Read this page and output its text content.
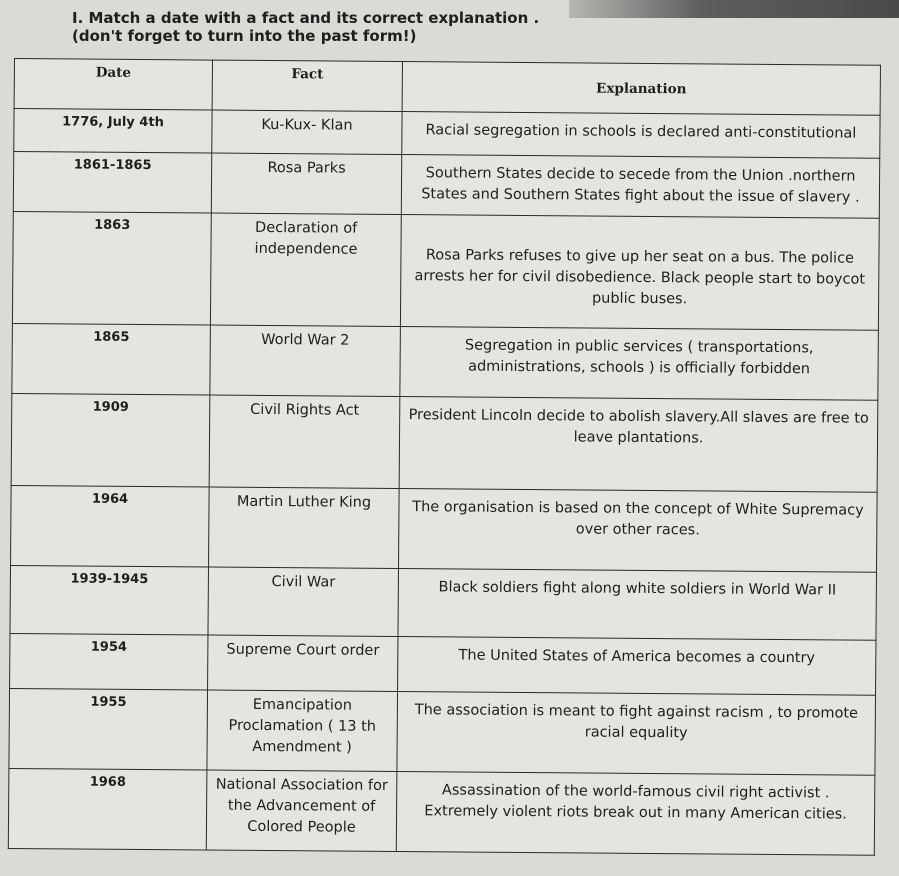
I. Match a date with a fact and its correct explanation .
(don't forget to turn into the past form!)
Date	Fact	Explanation
1776, July 4th	Ku-Kux- Klan	Racial segregation in schools is declared anti-constitutional
1861-1865	Rosa Parks	Southern States decide to secede from the Union .northern States and Southern States fight about the issue of slavery .
1863	Declaration of independence	Rosa Parks refuses to give up her seat on a bus. The police arrests her for civil disobedience. Black people start to boycot public buses.
1865	World War 2	Segregation in public services ( transportations, administrations, schools ) is officially forbidden
1909	Civil Rights Act	President Lincoln decide to abolish slavery.All slaves are free to leave plantations.
1964	Martin Luther King	The organisation is based on the concept of White Supremacy over other races.
1939-1945	Civil War	Black soldiers fight along white soldiers in World War II
1954	Supreme Court order	The United States of America becomes a country
1955	Emancipation Proclamation ( 13 th Amendment )	The association is meant to fight against racism , to promote racial equality
1968	National Association for the Advancement of Colored People	Assassination of the world-famous civil right activist . Extremely violent riots break out in many American cities.
